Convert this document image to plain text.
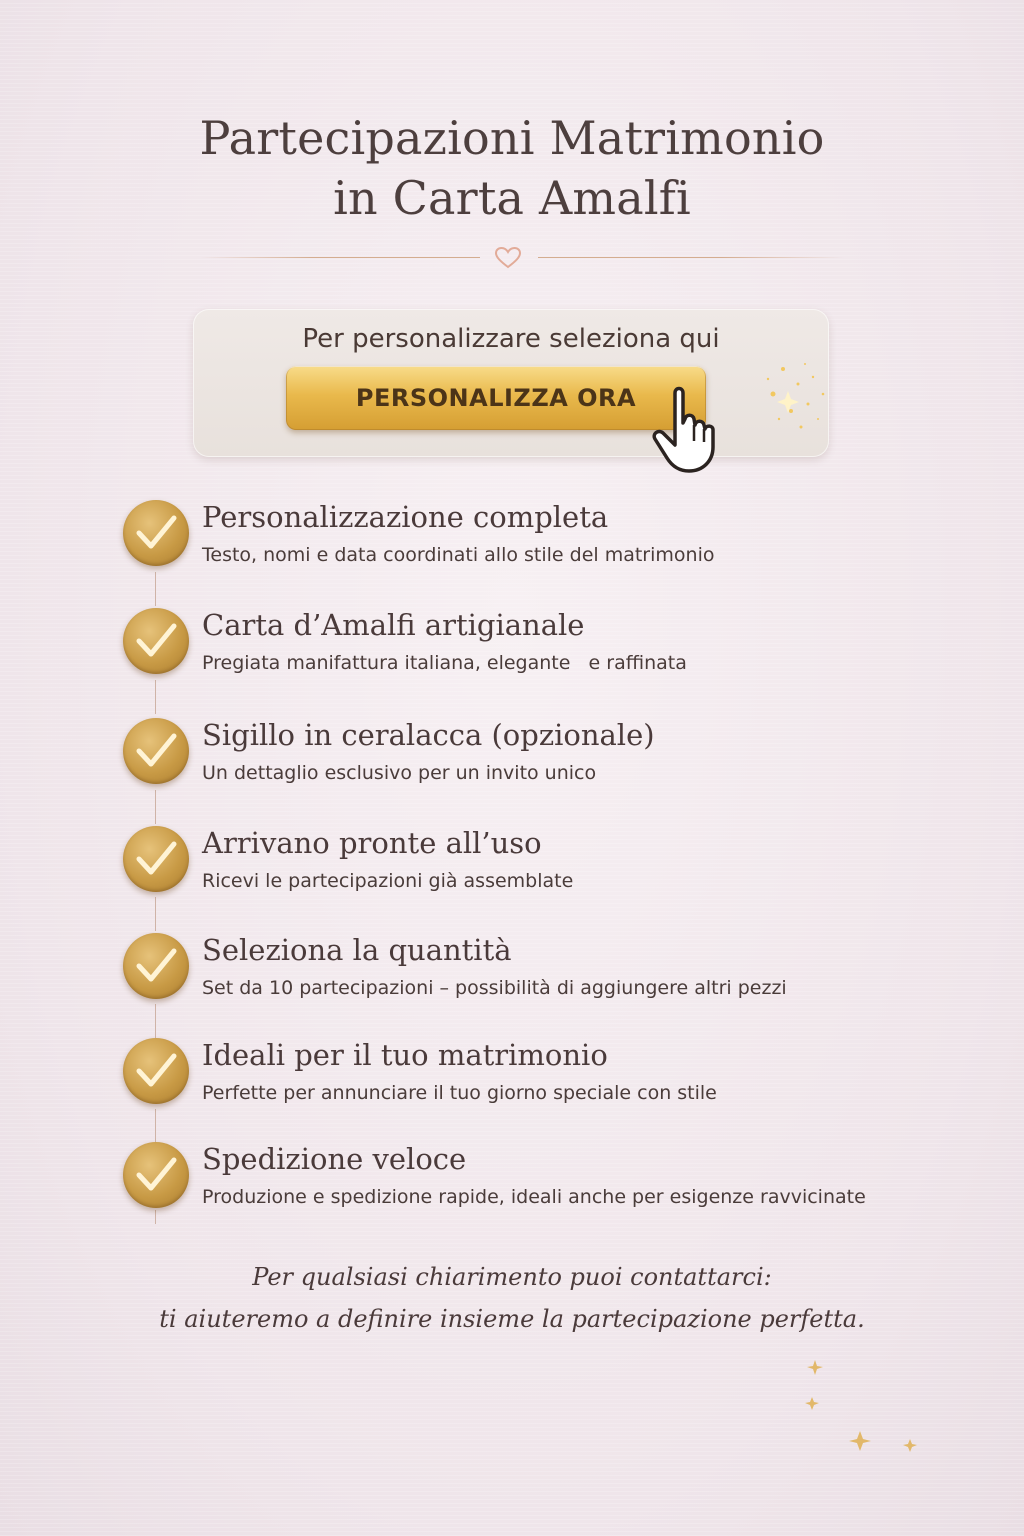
Partecipazioni Matrimonio
in Carta Amalfi
Per personalizzare seleziona qui
PERSONALIZZA ORA
Personalizzazione completa
Testo, nomi e data coordinati allo stile del matrimonio
Carta d’Amalfi artigianale
Pregiata manifattura italiana, elegante   e raffinata
Sigillo in ceralacca (opzionale)
Un dettaglio esclusivo per un invito unico
Arrivano pronte all’uso
Ricevi le partecipazioni già assemblate
Seleziona la quantità
Set da 10 partecipazioni – possibilità di aggiungere altri pezzi
Ideali per il tuo matrimonio
Perfette per annunciare il tuo giorno speciale con stile
Spedizione veloce
Produzione e spedizione rapide, ideali anche per esigenze ravvicinate
Per qualsiasi chiarimento puoi contattarci:
ti aiuteremo a definire insieme la partecipazione perfetta.
